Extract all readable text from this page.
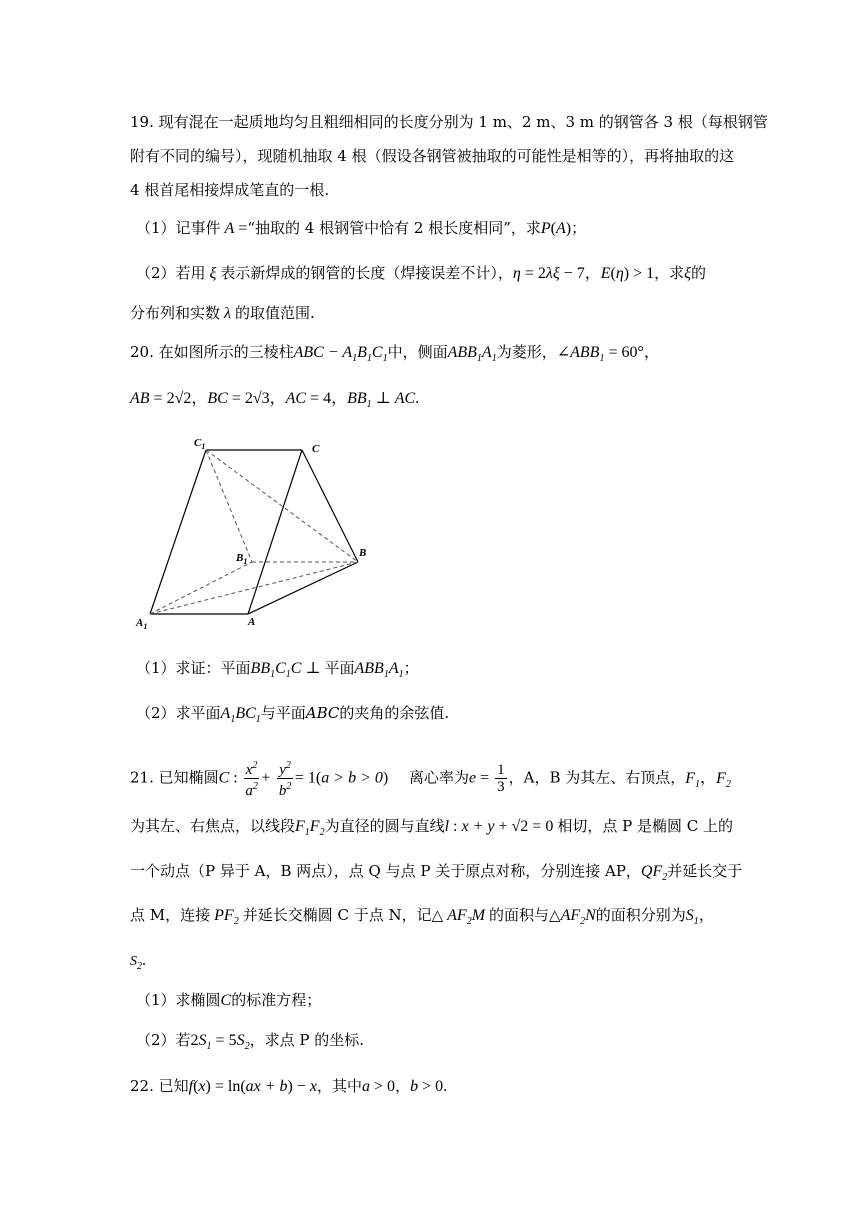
19. 现有混在一起质地均匀且粗细相同的长度分别为 1 m、2 m、3 m 的钢管各 3 根（每根钢管
附有不同的编号），现随机抽取 4 根（假设各钢管被抽取的可能性是相等的），再将抽取的这
4 根首尾相接焊成笔直的一根.
（1）记事件 A =“抽取的 4 根钢管中恰有 2 根长度相同”，求P(A)；
（2）若用 ξ 表示新焊成的钢管的长度（焊接误差不计），η = 2λξ − 7，E(η) > 1，求ξ的
分布列和实数 λ 的取值范围.
20. 在如图所示的三棱柱ABC − $A_1B_1C_1$中，侧面$ABB_1A_1$为菱形，$\angle ABB_1 = 60^\circ$，
AB = 2√2，BC = 2√3，AC = 4，$BB_1$ ⊥ AC.
$C_1$	C
$B_1$
B
$A_1$	A
（1）求证：平面$BB_1C_1C$ ⊥ 平面$ABB_1A_1$；
（2）求平面$A_1BC_1$与平面ABC的夹角的余弦值.
21. 已知椭圆C : $\frac{x^2}{a^2} + \frac{y^2}{b^2} = 1(a > b > 0)$　 离心率为$e = \frac{1}{3}$ ，A，B 为其左、右顶点，$F_1$，$F_2$
为其左、右焦点，以线段$F_1F_2$为直径的圆与直线l : x + y + √2 = 0 相切，点 P 是椭圆 C 上的
一个动点（P 异于 A，B 两点），点 Q 与点 P 关于原点对称，分别连接 AP，$QF_2$并延长交于
点 M，连接 $PF_2$ 并延长交椭圆 C 于点 N，记△ $AF_2M$ 的面积与$\triangle AF_2N$的面积分别为$S_1$，
$S_2$.
（1）求椭圆C的标准方程；
（2）若$2S_1 = 5S_2$，求点 P 的坐标.
22. 已知f(x) = ln(ax + b) − x，其中a > 0，b > 0.
